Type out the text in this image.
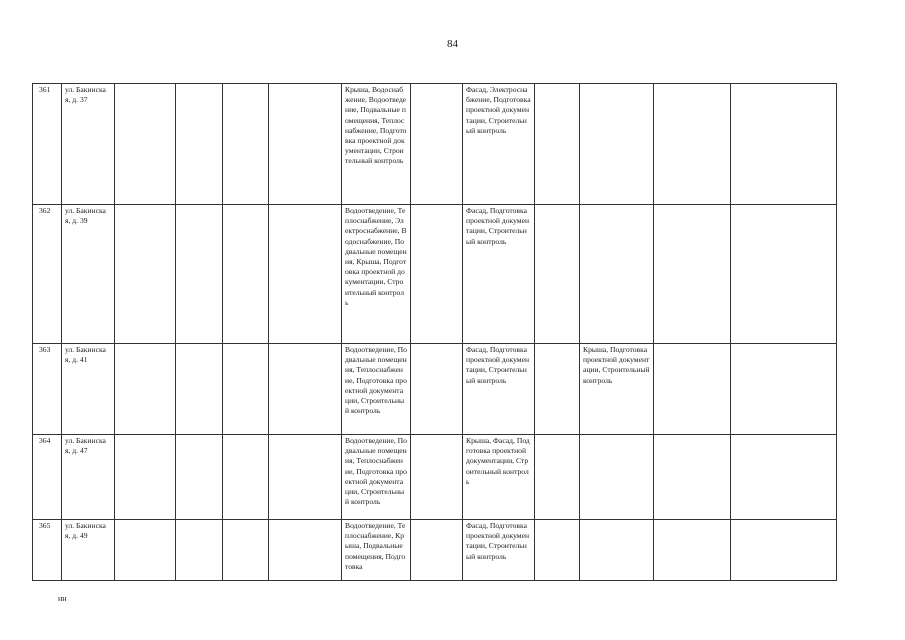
84
361	ул. Бакинская, д. 37					Крыша, Водоснабжение, Водоотведение, Подвальные помещения, Теплоснабжение, Подготовка проектной документации, Строительный контроль		Фасад, Электроснабжение, Подготовка проектной документации, Строительный контроль				
362	ул. Бакинская, д. 39					Водоотведение, Теплоснабжение, Электроснабжение, Водоснабжение, Подвальные помещения, Крыша, Подготовка проектной документации, Строительный контроль		Фасад, Подготовка проектной документации, Строительный контроль				
363	ул. Бакинская, д. 41					Водоотведение, Подвальные помещения, Теплоснабжение, Подготовка проектной документации, Строительный контроль		Фасад, Подготовка проектной документации, Строительный контроль		Крыша, Подготовка проектной документации, Строительный контроль		
364	ул. Бакинская, д. 47					Водоотведение, Подвальные помещения, Теплоснабжение, Подготовка проектной документации, Строительный контроль		Крыша, Фасад, Подготовка проектной документации, Строительный контроль				
365	ул. Бакинская, д. 49					Водоотведение, Теплоснабжение, Крыша, Подвальные помещения, Подготовка		Фасад, Подготовка проектной документации, Строительный контроль				
нн
